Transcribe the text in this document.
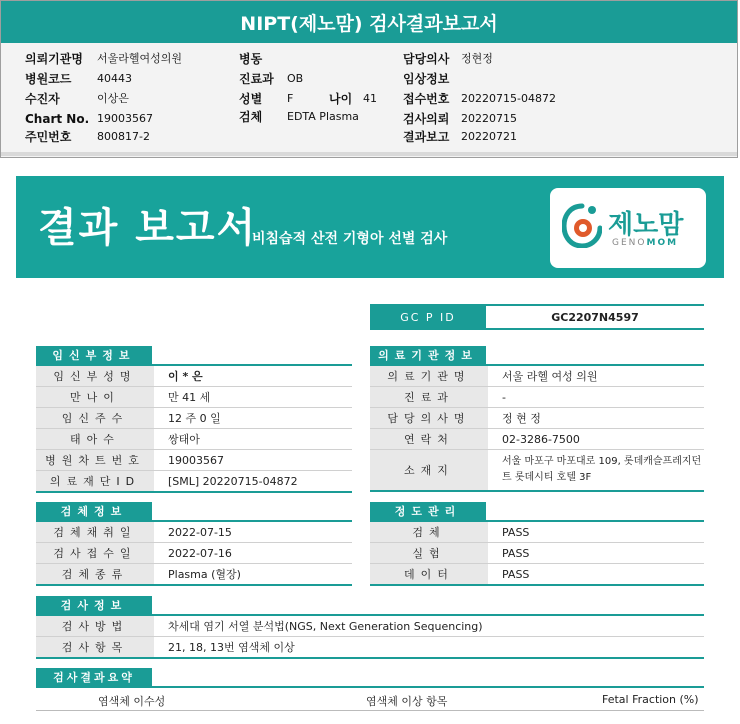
NIPT(제노맘) 검사결과보고서
의뢰기관명 서울라헬여성의원
병원코드 40443
수진자	이상은
Chart No. 19003567
주민번호 800817-2
병동
진료과 OB
성별 F
검체 EDTA Plasma
나이 41
담당의사 정현정
임상정보
접수번호 20220715-04872
검사의뢰 20220715
결과보고 20220721
결과 보고서
비침습적 산전 기형아 선별 검사	제노맘
GENOMOM
GC P ID	GC2207N4597
임신부정보
임신부성명	이 * 은
만나이	만 41 세
임신주수	12 주 0 일
태아수	쌍태아
병원차트번호	19003567
의료재단ID	[SML] 20220715-04872
의료기관정보
의료기관명	서울 라헬 여성 의원
진료과	-
담당의사명	정 현 정
연락처	02-3286-7500
소재지
서울 마포구 마포대로 109, 롯데캐슬프레지던트 롯데시티 호텔 3F
검체정보
검체채취일	2022-07-15
검사접수일	2022-07-16
검체종류	Plasma (혈장)
정도관리
검체	PASS
실험	PASS
데이터	PASS
검사정보
검사방법	차세대 염기 서열 분석법(NGS, Next Generation Sequencing)
검사항목	21, 18, 13번 염색체 이상
검사결과요약
염색체 이수성	염색체 이상 항목	Fetal Fraction (%)
